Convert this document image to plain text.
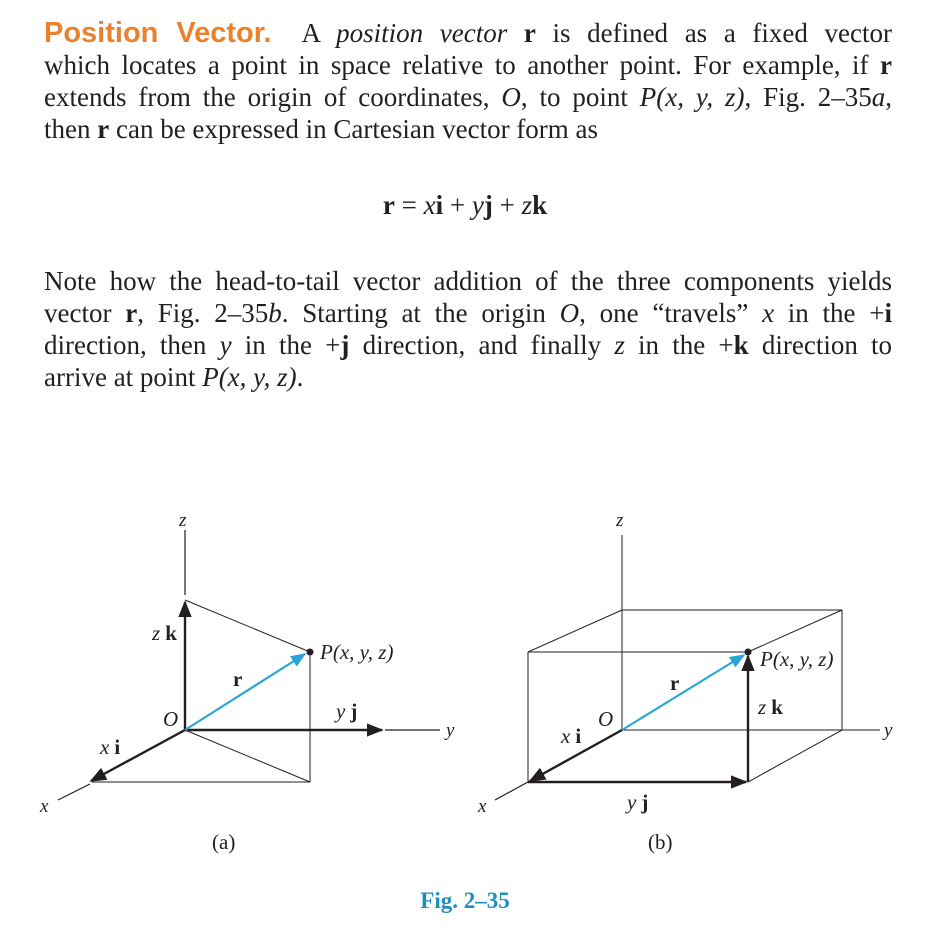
Position Vector. A position vector r is defined as a fixed vector
which locates a point in space relative to another point. For example, if r
extends from the origin of coordinates, O, to point P(x, y, z), Fig. 2–35a,
then r can be expressed in Cartesian vector form as
r = xi + yj + zk
Note how the head-to-tail vector addition of the three components yields
vector r, Fig. 2–35b. Starting at the origin O, one “travels” x in the +i
direction, then y in the +j direction, and finally z in the +k direction to
arrive at point P(x, y, z).
z
y
x
O
z k
y j
x i
r
P(x, y, z)
(a)
z
y
x
O	z k
y j
x i
r
P(x, y, z)
(b)
Fig. 2–35
